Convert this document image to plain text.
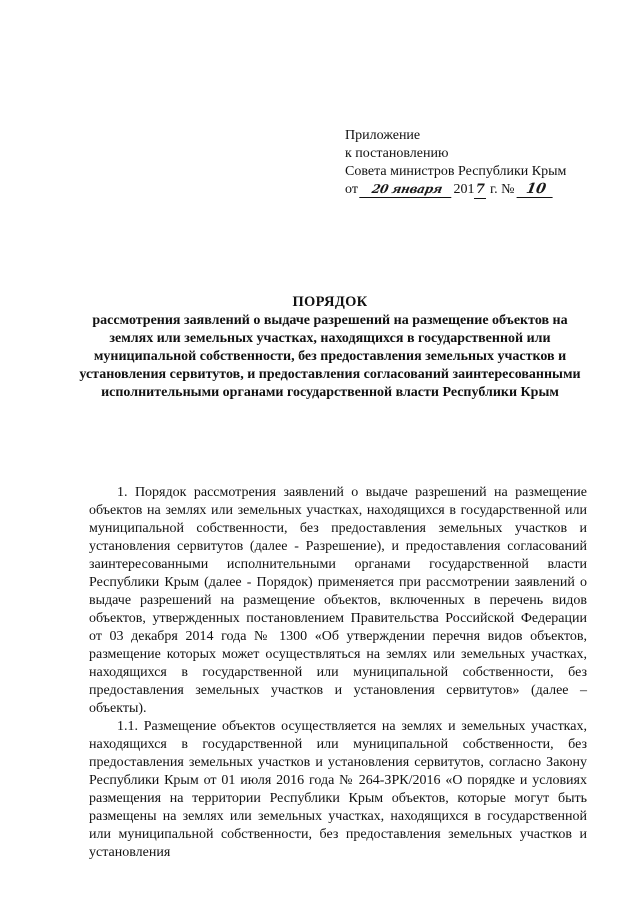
Приложение
к постановлению
Совета министров Республики Крым
от 20 января 2017 г. № 10
ПОРЯДОК
рассмотрения заявлений о выдаче разрешений на размещение объектов на землях или земельных участках, находящихся в государственной или муниципальной собственности, без предоставления земельных участков и установления сервитутов, и предоставления согласований заинтересованными исполнительными органами государственной власти Республики Крым

1. Порядок рассмотрения заявлений о выдаче разрешений на размещение объектов на землях или земельных участках, находящихся в государственной или муниципальной собственности, без предоставления земельных участков и установления сервитутов (далее - Разрешение), и предоставления согласований заинтересованными исполнительными органами государственной власти Республики Крым (далее - Порядок) применяется при рассмотрении заявлений о выдаче разрешений на размещение объектов, включенных в перечень видов объектов, утвержденных постановлением Правительства Российской Федерации от 03 декабря 2014 года № 1300 «Об утверждении перечня видов объектов, размещение которых может осуществляться на землях или земельных участках, находящихся в государственной или муниципальной собственности, без предоставления земельных участков и установления сервитутов» (далее – объекты).

1.1. Размещение объектов осуществляется на землях и земельных участках, находящихся в государственной или муниципальной собственности, без предоставления земельных участков и установления сервитутов, согласно Закону Республики Крым от 01 июля 2016 года № 264-ЗРК/2016 «О порядке и условиях размещения на территории Республики Крым объектов, которые могут быть размещены на землях или земельных участках, находящихся в государственной или муниципальной собственности, без предоставления земельных участков и установления
